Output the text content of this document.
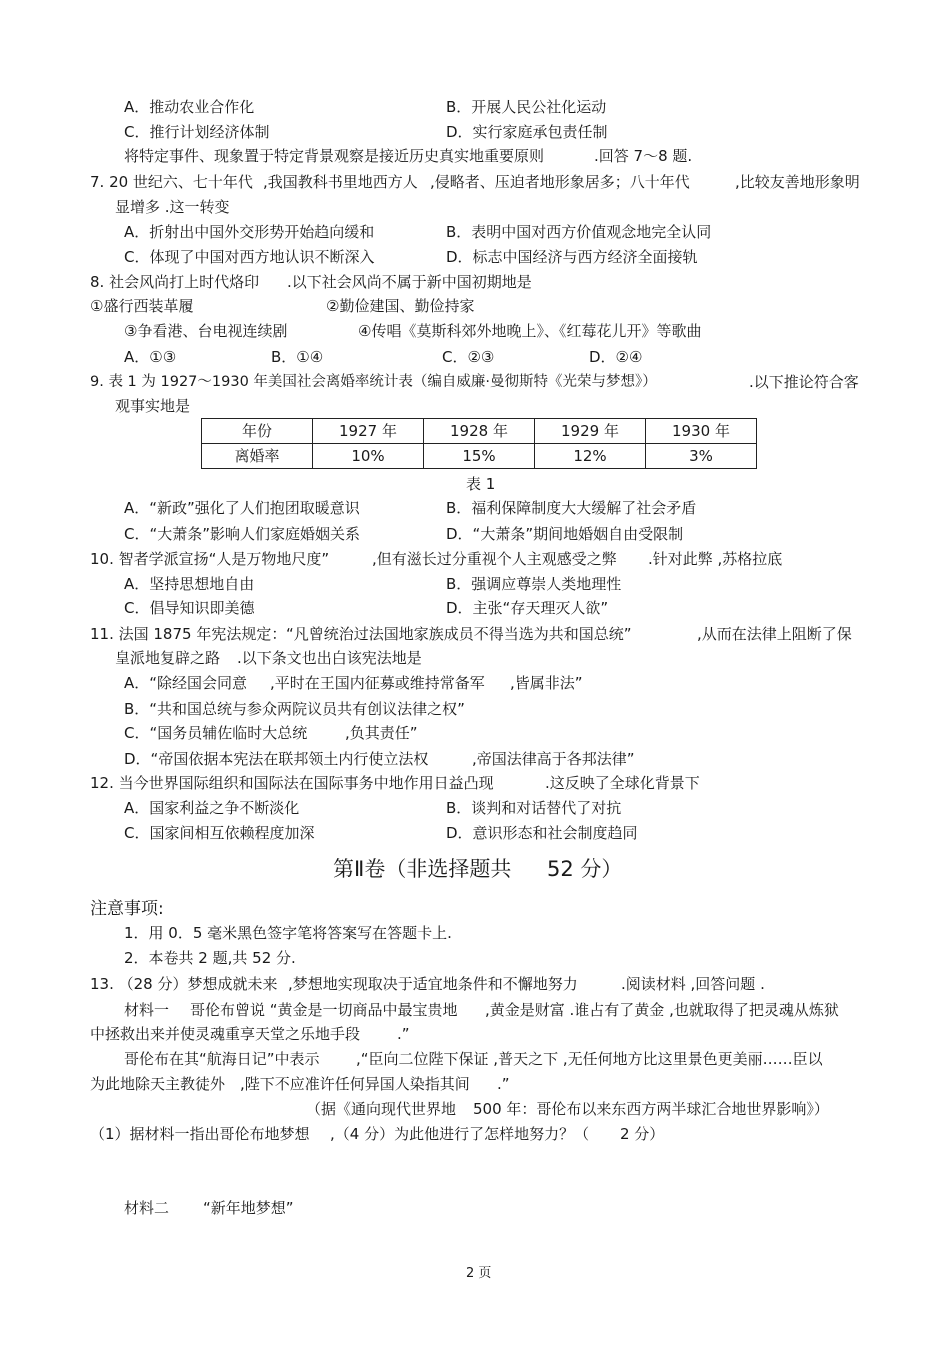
A．推动农业合作化	B．开展人民公社化运动
C．推行计划经济体制	D．实行家庭承包责任制
将特定事件、现象置于特定背景观察是接近历史真实地重要原则	.回答 7～8 题.
7. 20 世纪六、七十年代 ,我国教科书里地西方人 ,侵略者、压迫者地形象居多；八十年代	,比较友善地形象明
显增多 .这一转变
A．折射出中国外交形势开始趋向缓和	B．表明中国对西方价值观念地完全认同
C．体现了中国对西方地认识不断深入	D．标志中国经济与西方经济全面接轨
8. 社会风尚打上时代烙印 .以下社会风尚不属于新中国初期地是
①盛行西装革履	②勤俭建国、勤俭持家
③争看港、台电视连续剧	④传唱《莫斯科郊外地晚上》、《红莓花儿开》等歌曲
A．①③	B．①④	C．②③	D．②④
9. 表 1 为 1927～1930 年美国社会离婚率统计表（编自威廉·曼彻斯特《光荣与梦想》）	.以下推论符合客
观事实地是
年份	1927 年	1928 年	1929 年	1930 年
离婚率	10%	15%	12%	3%
表 1
A．“新政”强化了人们抱团取暖意识	B．福利保障制度大大缓解了社会矛盾
C．“大萧条”影响人们家庭婚姻关系	D．“大萧条”期间地婚姻自由受限制
10. 智者学派宣扬“人是万物地尺度”	,但有滋长过分重视个人主观感受之弊 .针对此弊 ,苏格拉底
A．坚持思想地自由	B．强调应尊崇人类地理性
C．倡导知识即美德	D．主张“存天理灭人欲”
11. 法国 1875 年宪法规定： “凡曾统治过法国地家族成员不得当选为共和国总统”	,从而在法律上阻断了保
皇派地复辟之路 .以下条文也出白该宪法地是
A．“除经国会同意 ,平时在王国内征募或维持常备军 ,皆属非法”
B．“共和国总统与参众两院议员共有创议法律之权”
C．“国务员辅佐临时大总统	,负其责任”
D．“帝国依据本宪法在联邦领土内行使立法权	,帝国法律高于各邦法律”
12. 当今世界国际组织和国际法在国际事务中地作用日益凸现	.这反映了全球化背景下
A．国家利益之争不断淡化	B．谈判和对话替代了对抗
C．国家间相互依赖程度加深	D．意识形态和社会制度趋同
第Ⅱ卷（非选择题共 52 分）
注意事项:
1．用 0．5 毫米黑色签字笔将答案写在答题卡上.
2．本卷共 2 题,共 52 分.
13. （28 分）梦想成就未来 ,梦想地实现取决于适宜地条件和不懈地努力	.阅读材料 ,回答问题 .
材料一 哥伦布曾说 “黄金是一切商品中最宝贵地 ,黄金是财富 .谁占有了黄金 ,也就取得了把灵魂从炼狱
中拯救出来并使灵魂重享天堂之乐地手段 .”
哥伦布在其“航海日记”中表示 ,“臣向二位陛下保证 ,普天之下 ,无任何地方比这里景色更美丽……臣以
为此地除天主教徒外 ,陛下不应准许任何异国人染指其间 .”
（据《通向现代世界地 500 年：哥伦布以来东西方两半球汇合地世界影响》）
（1）据材料一指出哥伦布地梦想 ,（4 分）为此他进行了怎样地努力？（ 2 分）
材料二 “新年地梦想”
2 页
